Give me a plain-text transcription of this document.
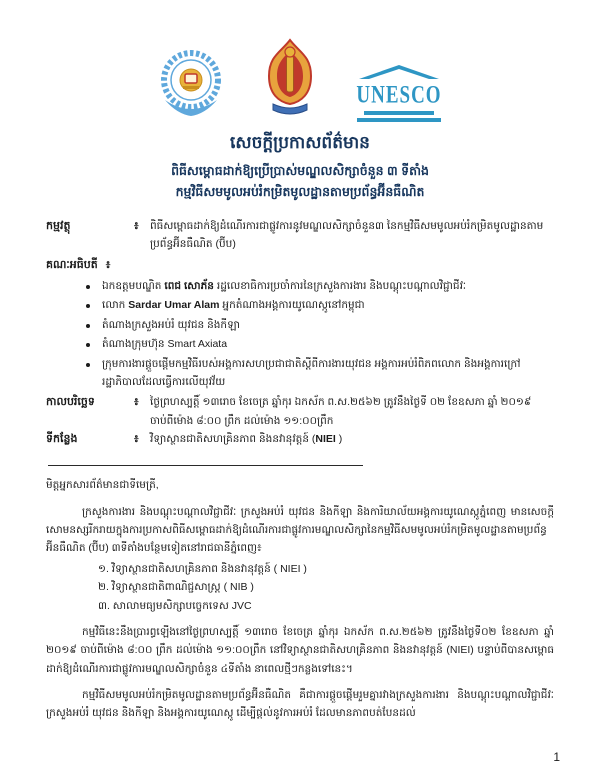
UNESCO
សេចក្តីប្រកាសព័ត៌មាន
ពិធីសម្ពោធដាក់ឱ្យប្រើប្រាស់មណ្ឌលសិក្សាចំនួន ៣ ទីតាំង
កម្មវិធីសមមូលអប់រំកម្រិតមូលដ្ឋានតាមប្រព័ន្ធអ៊ីនធឺណិត
កម្មវត្ថុ	៖	ពិធីសម្ពោធដាក់ឱ្យដំណើរការជាផ្លូវការនូវមណ្ឌលសិក្សាចំនួន៣ នៃកម្មវិធីសមមូលអប់រំកម្រិតមូលដ្ឋានតាមប្រព័ន្ធអ៊ីនធឺណិត (ប៊ីប)
គណៈអធិបតី ៖
ឯកឧត្តមបណ្ឌិត ពេជ សោភ័ន រដ្ឋលេខាធិការប្រចាំការនៃក្រសួងការងារ និងបណ្តុះបណ្តាលវិជ្ជាជីវៈ
លោក Sardar Umar Alam អ្នកតំណាងអង្គការយូណេស្កូនៅកម្ពុជា
តំណាងក្រសួងអប់រំ យុវជន និងកីឡា
តំណាងក្រុមហ៊ុន Smart Axiata
ក្រុមការងារផ្តួចផ្តើមកម្មវិធីរបស់អង្គការសហប្រជាជាតិស្តីពីការងារយុវជន អង្គការអប់រំពិភពលោក និងអង្គការក្រៅរដ្ឋាភិបាលដែលធ្វើការលើយុវវ័យ
កាលបរិច្ឆេទ	៖	ថ្ងៃព្រហស្បត្តិ៍ ១៣រោច ខែចេត្រ ឆ្នាំកុរ ឯកស័ក ព.ស.២៥៦២ ត្រូវនឹងថ្ងៃទី ០២ ខែឧសភា ឆ្នាំ ២០១៩ ចាប់ពីម៉ោង ៨:០០ ព្រឹក ដល់ម៉ោង ១១:០០ព្រឹក
ទីកន្លែង	៖	វិទ្យាស្ថានជាតិសហគ្រិនភាព និងនវានុវត្តន៍ (NIEI )
មិត្តអ្នកសារព័ត៌មានជាទីមេត្រី,

ក្រសួងការងារ និងបណ្តុះបណ្តាលវិជ្ជាជីវៈ ក្រសួងអប់រំ យុវជន និងកីឡា និងការិយាល័យអង្គការយូណេស្កូភ្នំពេញ មានសេចក្តីសោមនស្សរីករាយក្នុងការប្រកាសពិធីសម្ពោធដាក់ឱ្យដំណើរការជាផ្លូវការមណ្ឌលសិក្សានៃកម្មវិធីសមមូលអប់រំកម្រិតមូលដ្ឋានតាមប្រព័ន្ធអ៊ីនធឺណិត (ប៊ីប) ៣ទីតាំងបន្ថែមទៀតនៅរាជធានីភ្នំពេញ៖

១. វិទ្យាស្ថានជាតិសហគ្រិនភាព និងនវានុវត្តន៍ ( NIEI )
២. វិទ្យាស្ថានជាតិពាណិជ្ជសាស្ត្រ ( NIB )
៣. សាលាមធ្យមសិក្សាបច្ចេកទេស JVC

កម្មវិធីនេះនឹងប្រារព្ធឡើងនៅថ្ងៃព្រហស្បត្តិ៍ ១៣រោច ខែចេត្រ ឆ្នាំកុរ ឯកស័ក ព.ស.២៥៦២ ត្រូវនឹងថ្ងៃទី០២ ខែឧសភា ឆ្នាំ ២០១៩ ចាប់ពីម៉ោង ៨:០០ ព្រឹក ដល់ម៉ោង ១១:០០ព្រឹក នៅវិទ្យាស្ថានជាតិសហគ្រិនភាព និងនវានុវត្តន៍ (NIEI) បន្ទាប់ពីបានសម្ពោធដាក់ឱ្យដំណើរការជាផ្លូវការមណ្ឌលសិក្សាចំនួន ៤ទីតាំង នាពេលថ្មីៗកន្លងទៅនេះ។

កម្មវិធីសមមូលអប់រំកម្រិតមូលដ្ឋានតាមប្រព័ន្ធអ៊ីនធឺណិត គឺជាការផ្តួចផ្តើមរួមគ្នារវាងក្រសួងការងារ និងបណ្តុះបណ្តាលវិជ្ជាជីវៈ ក្រសួងអប់រំ យុវជន និងកីឡា និងអង្គការយូណេស្កូ ដើម្បីផ្តល់នូវការអប់រំ ដែលមានភាពបត់បែនដល់

1
